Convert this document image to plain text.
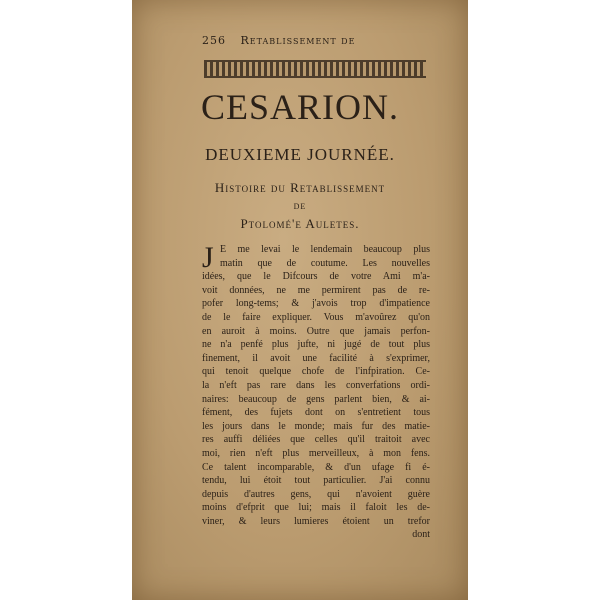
256 Retablissement de
CESARION.
DEUXIEME JOURNÉE.
Histoire du Retablissement
de
Ptolomé'e Auletes.
J E me levai le lendemain beaucoup plus
matin que de coutume. Les nouvelles
idées, que le Difcours de votre Ami m'a-
voit données, ne me permirent pas de re-
pofer long-tems; & j'avois trop d'impatience
de le faire expliquer. Vous m'avoûrez qu'on
en auroit à moins. Outre que jamais perfon-
ne n'a penfé plus jufte, ni jugé de tout plus
finement, il avoit une facilité à s'exprimer,
qui tenoit quelque chofe de l'infpiration. Ce-
la n'eft pas rare dans les converfations ordi-
naires: beaucoup de gens parlent bien, & ai-
fément, des fujets dont on s'entretient tous
les jours dans le monde; mais fur des matie-
res auffi déliées que celles qu'il traitoit avec
moi, rien n'eft plus merveilleux, à mon fens.
Ce talent incomparable, & d'un ufage fi é-
tendu, lui étoit tout particulier. J'ai connu
depuis d'autres gens, qui n'avoient guère
moins d'efprit que lui; mais il faloit les de-
viner, & leurs lumieres étoient un trefor
dont
